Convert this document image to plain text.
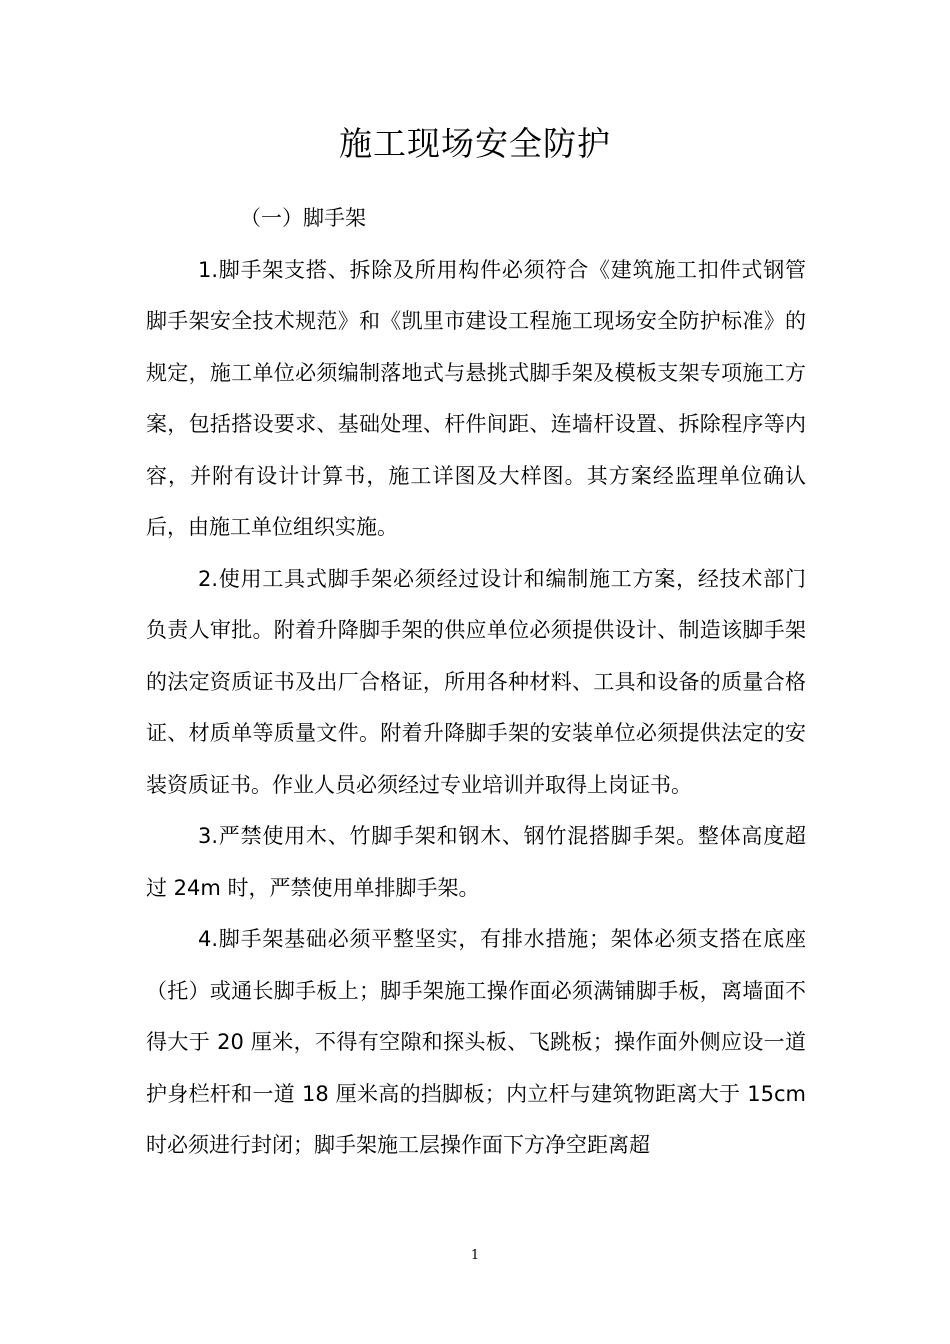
施工现场安全防护

（一）脚手架

1.脚手架支搭、拆除及所用构件必须符合《建筑施工扣件式钢管脚手架安全技术规范》和《凯里市建设工程施工现场安全防护标准》的规定，施工单位必须编制落地式与悬挑式脚手架及模板支架专项施工方案，包括搭设要求、基础处理、杆件间距、连墙杆设置、拆除程序等内容，并附有设计计算书，施工详图及大样图。其方案经监理单位确认后，由施工单位组织实施。

2.使用工具式脚手架必须经过设计和编制施工方案，经技术部门负责人审批。附着升降脚手架的供应单位必须提供设计、制造该脚手架的法定资质证书及出厂合格证，所用各种材料、工具和设备的质量合格证、材质单等质量文件。附着升降脚手架的安装单位必须提供法定的安装资质证书。作业人员必须经过专业培训并取得上岗证书。

3.严禁使用木、竹脚手架和钢木、钢竹混搭脚手架。整体高度超过 24m 时，严禁使用单排脚手架。

4.脚手架基础必须平整坚实，有排水措施；架体必须支搭在底座（托）或通长脚手板上；脚手架施工操作面必须满铺脚手板，离墙面不得大于 20 厘米，不得有空隙和探头板、飞跳板；操作面外侧应设一道护身栏杆和一道 18 厘米高的挡脚板；内立杆与建筑物距离大于 15cm 时必须进行封闭；脚手架施工层操作面下方净空距离超

1
